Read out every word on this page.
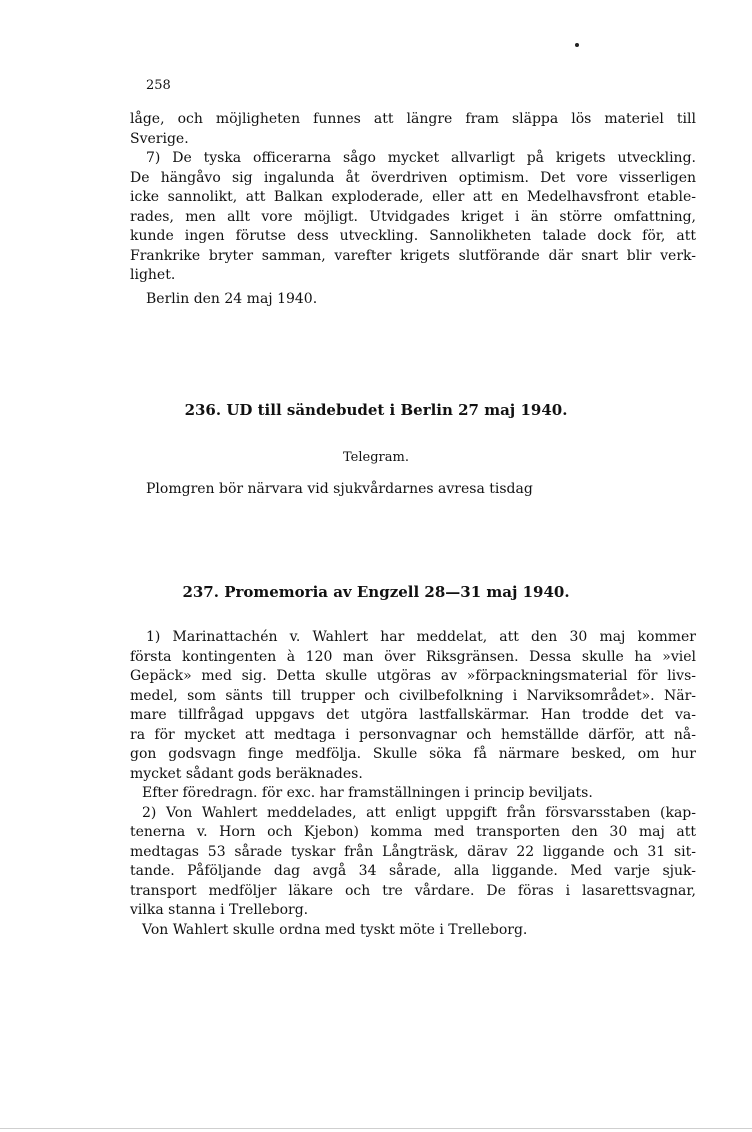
258
låge, och möjligheten funnes att längre fram släppa lös materiel till
Sverige.
7) De tyska officerarna sågo mycket allvarligt på krigets utveckling.
De hängåvo sig ingalunda åt överdriven optimism. Det vore visserligen
icke sannolikt, att Balkan exploderade, eller att en Medelhavsfront etable-
rades, men allt vore möjligt. Utvidgades kriget i än större omfattning,
kunde ingen förutse dess utveckling. Sannolikheten talade dock för, att
Frankrike bryter samman, varefter krigets slutförande där snart blir verk-
lighet.
Berlin den 24 maj 1940.
236. UD till sändebudet i Berlin 27 maj 1940.
Telegram.
Plomgren bör närvara vid sjukvårdarnes avresa tisdag
237. Promemoria av Engzell 28—31 maj 1940.
1) Marinattachén v. Wahlert har meddelat, att den 30 maj kommer
första kontingenten à 120 man över Riksgränsen. Dessa skulle ha »viel
Gepäck» med sig. Detta skulle utgöras av »förpackningsmaterial för livs-
medel, som sänts till trupper och civilbefolkning i Narviksområdet». När-
mare tillfrågad uppgavs det utgöra lastfallskärmar. Han trodde det va-
ra för mycket att medtaga i personvagnar och hemställde därför, att nå-
gon godsvagn finge medfölja. Skulle söka få närmare besked, om hur
mycket sådant gods beräknades.
Efter föredragn. för exc. har framställningen i princip beviljats.
2) Von Wahlert meddelades, att enligt uppgift från försvarsstaben (kap-
tenerna v. Horn och Kjebon) komma med transporten den 30 maj att
medtagas 53 sårade tyskar från Långträsk, därav 22 liggande och 31 sit-
tande. Påföljande dag avgå 34 sårade, alla liggande. Med varje sjuk-
transport medföljer läkare och tre vårdare. De föras i lasarettsvagnar,
vilka stanna i Trelleborg.
Von Wahlert skulle ordna med tyskt möte i Trelleborg.
